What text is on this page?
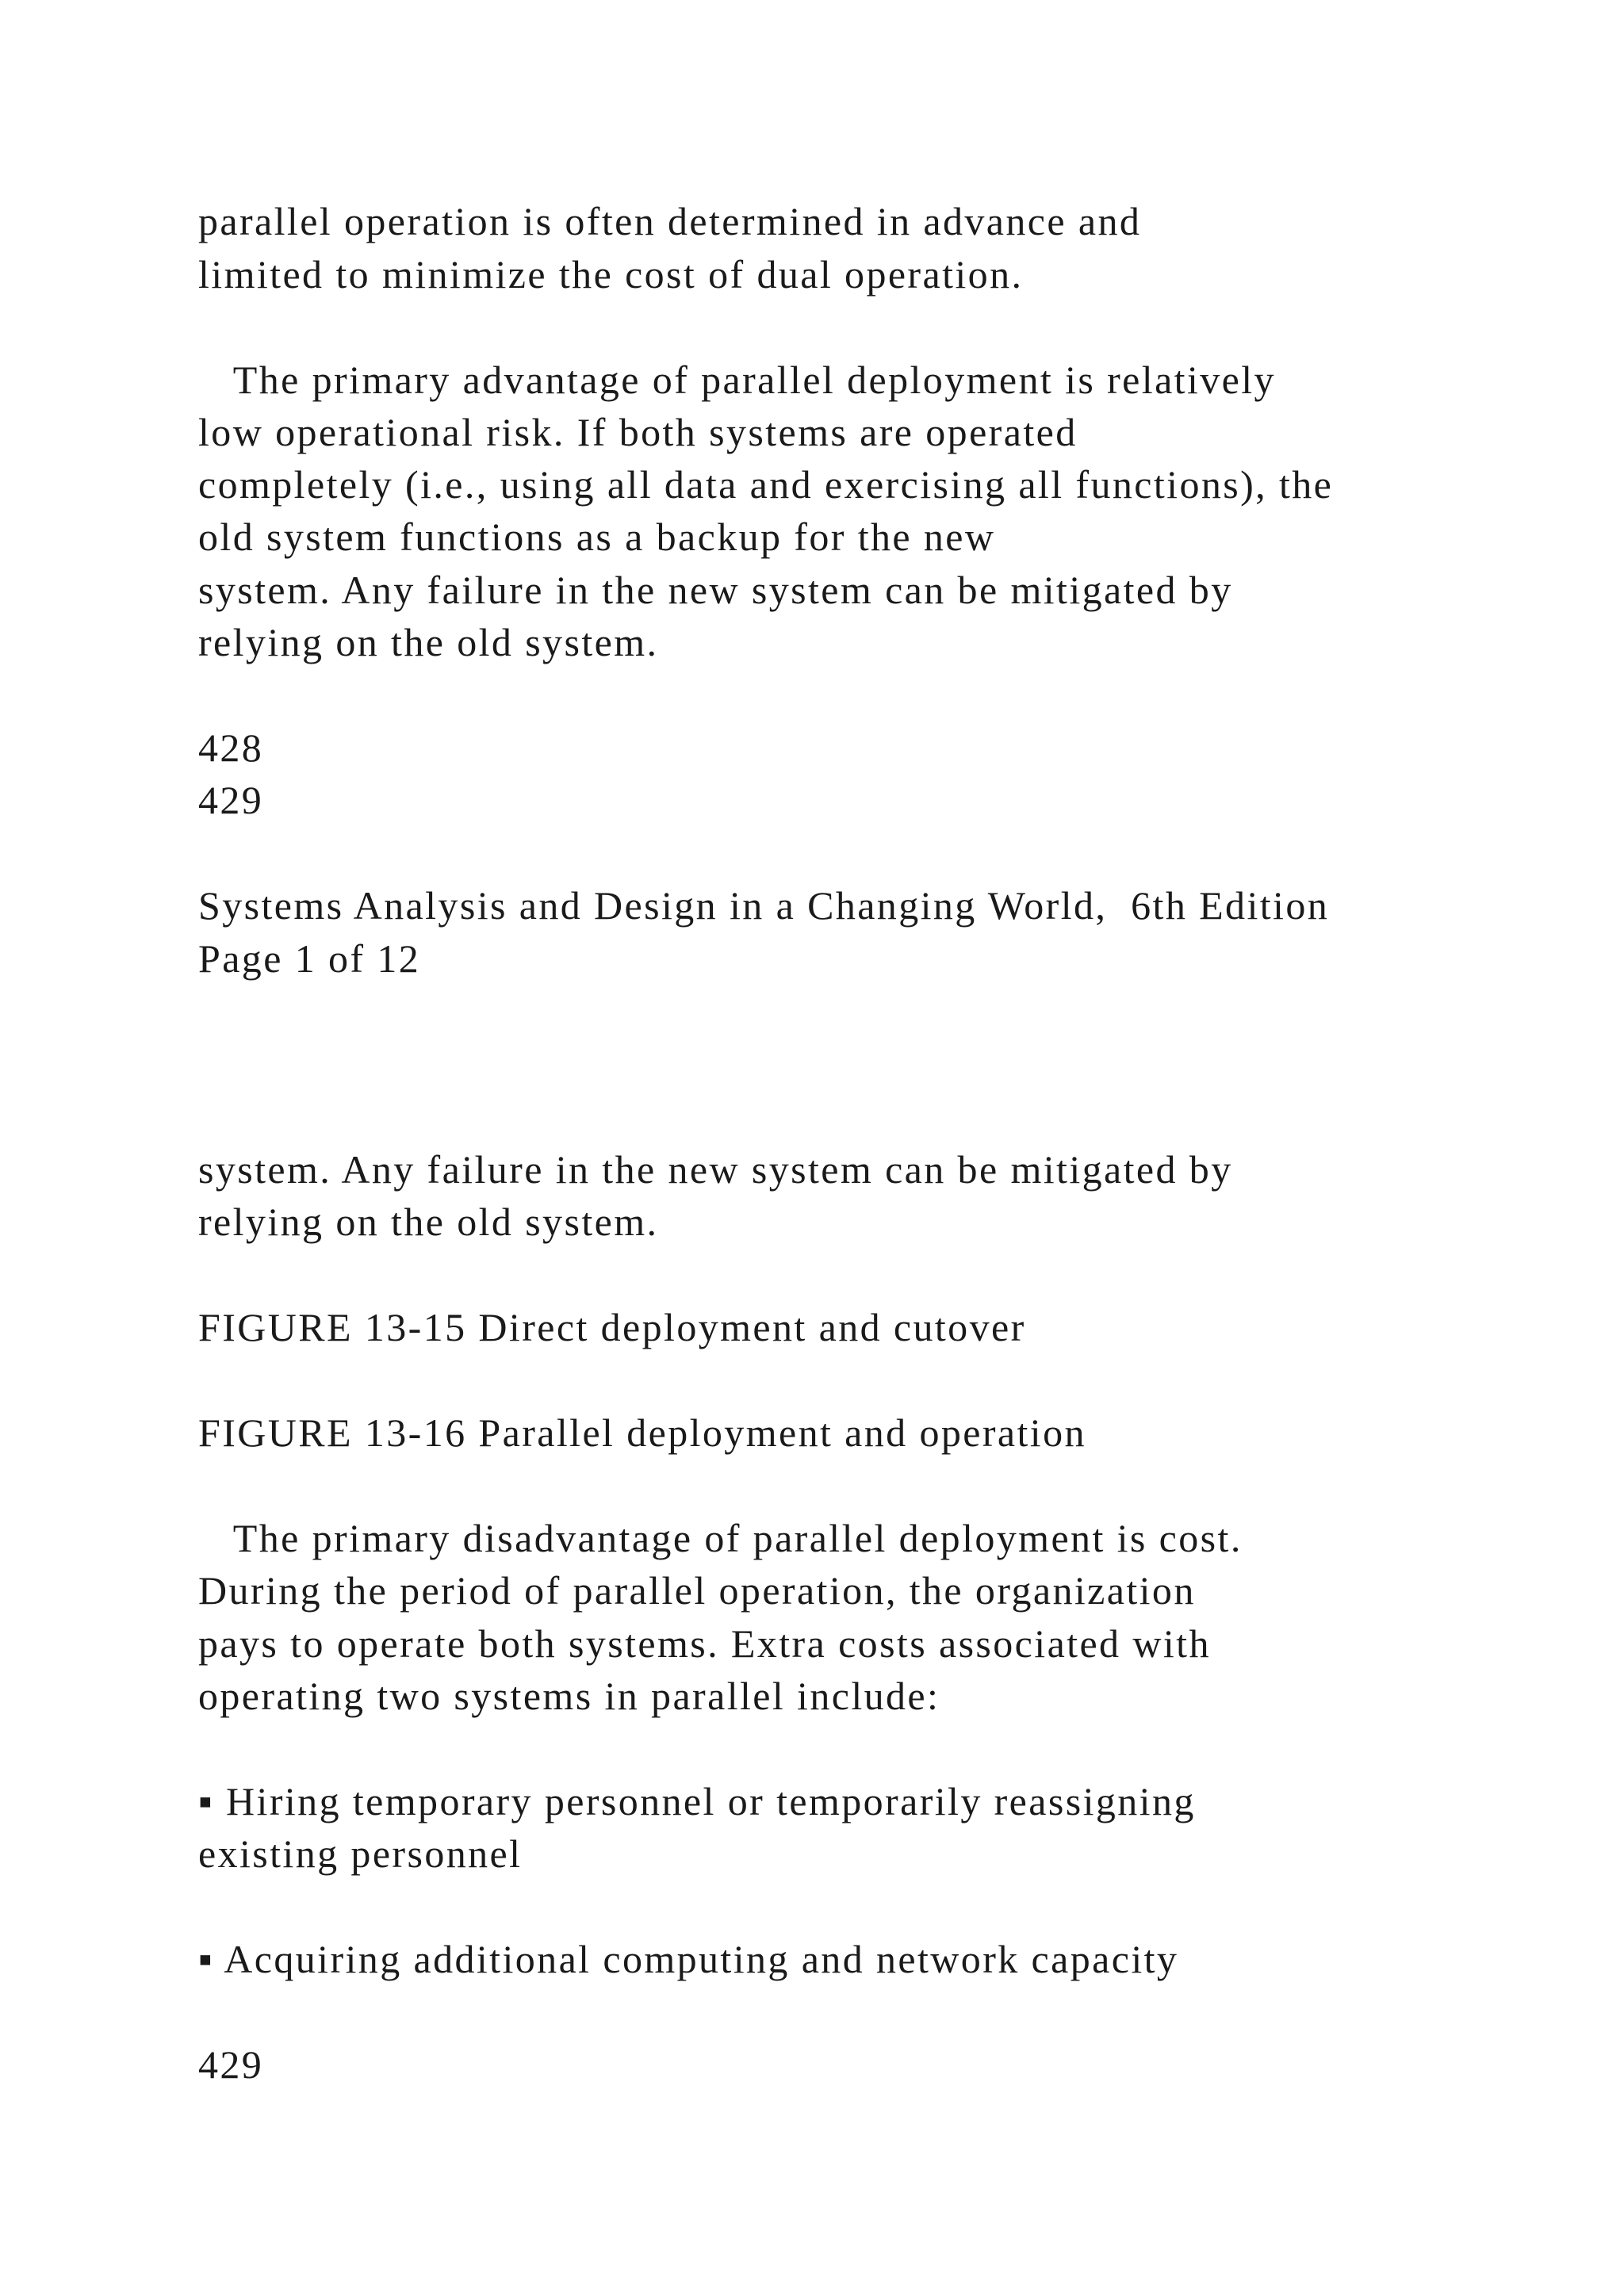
parallel operation is often determined in advance and

limited to minimize the cost of dual operation.

The primary advantage of parallel deployment is relatively

low operational risk. If both systems are operated

completely (i.e., using all data and exercising all functions), the

old system functions as a backup for the new

system. Any failure in the new system can be mitigated by

relying on the old system.

428

429

Systems Analysis and Design in a Changing World,  6th Edition

Page 1 of 12

system. Any failure in the new system can be mitigated by

relying on the old system.

FIGURE 13-15 Direct deployment and cutover

FIGURE 13-16 Parallel deployment and operation

The primary disadvantage of parallel deployment is cost.

During the period of parallel operation, the organization

pays to operate both systems. Extra costs associated with

operating two systems in parallel include:

▪ Hiring temporary personnel or temporarily reassigning

existing personnel

▪ Acquiring additional computing and network capacity

429
